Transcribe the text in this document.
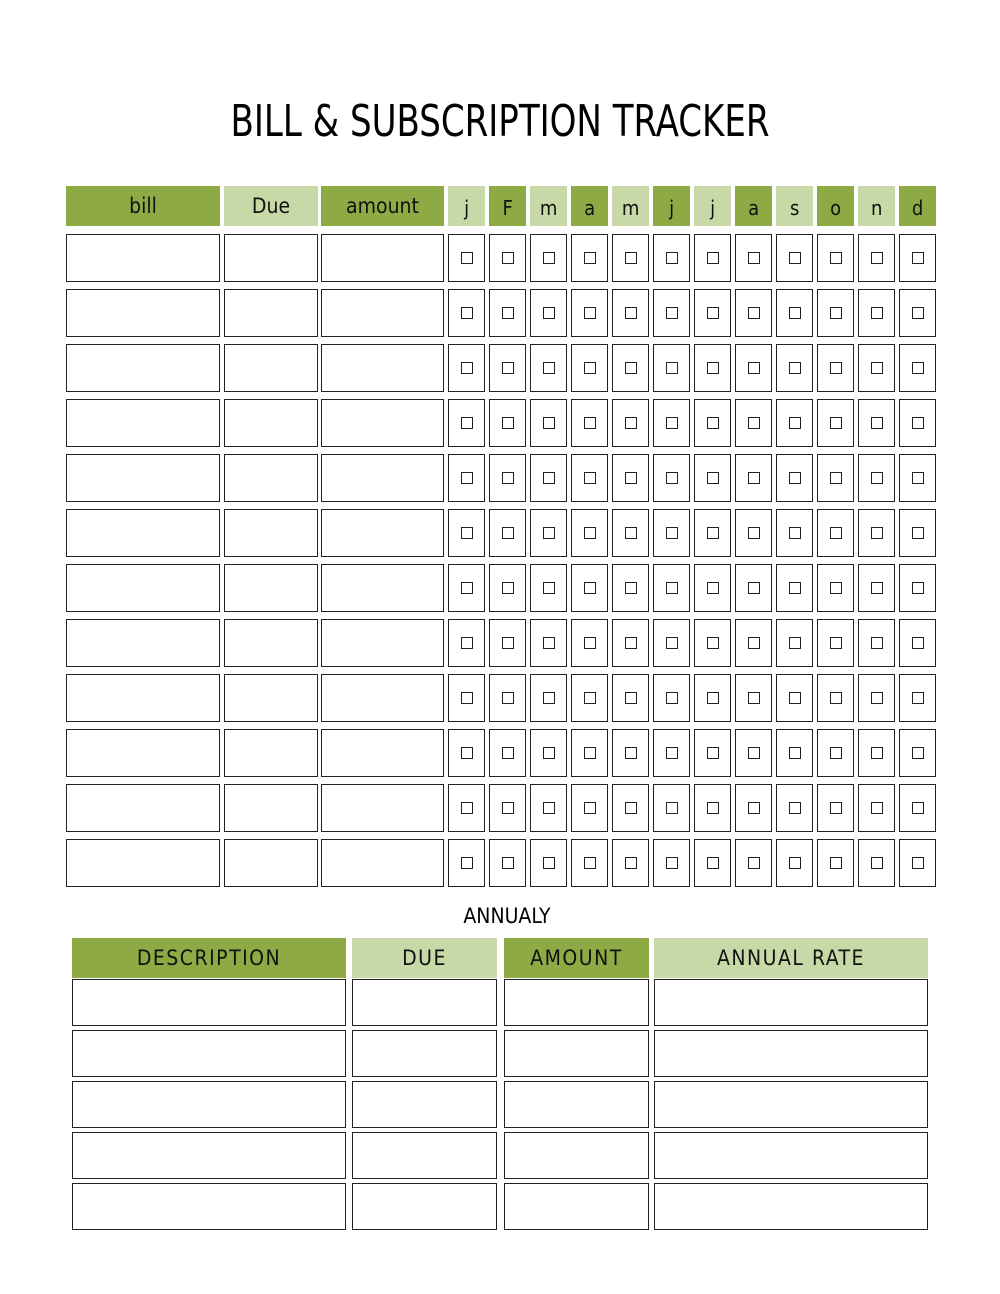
BILL & SUBSCRIPTION TRACKER
bill	Due	amount	j	F	m	a	m	j	j	a	s	o	n	d
ANNUALY
DESCRIPTION	DUE	AMOUNT	ANNUAL RATE
